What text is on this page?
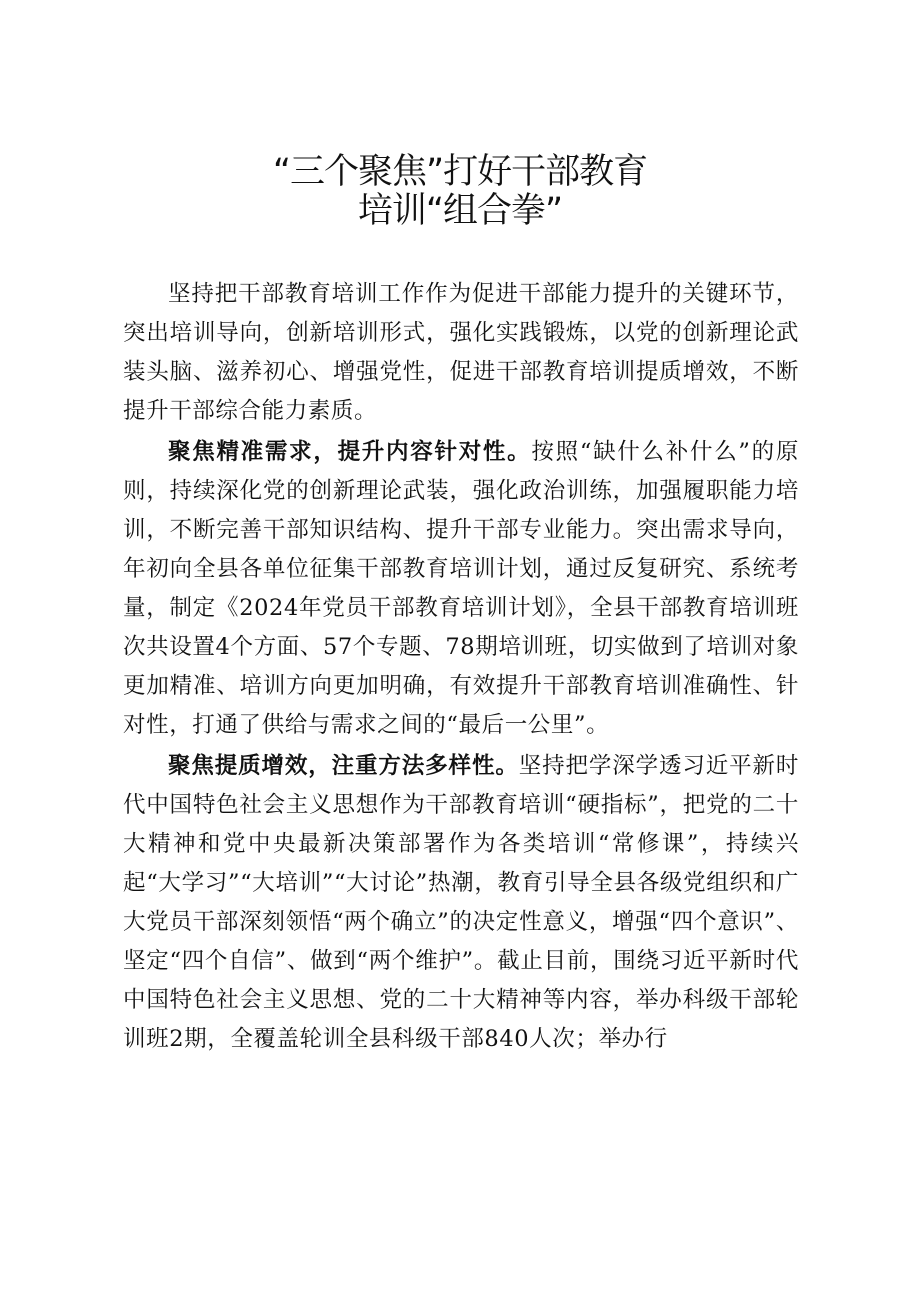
“三个聚焦”打好干部教育
培训“组合拳”

坚持把干部教育培训工作作为促进干部能力提升的关键环节，突出培训导向，创新培训形式，强化实践锻炼，以党的创新理论武装头脑、滋养初心、增强党性，促进干部教育培训提质增效，不断提升干部综合能力素质。

聚焦精准需求，提升内容针对性。按照“缺什么补什么”的原则，持续深化党的创新理论武装，强化政治训练，加强履职能力培训，不断完善干部知识结构、提升干部专业能力。突出需求导向，年初向全县各单位征集干部教育培训计划，通过反复研究、系统考量，制定《2024年党员干部教育培训计划》，全县干部教育培训班次共设置4个方面、57个专题、78期培训班，切实做到了培训对象更加精准、培训方向更加明确，有效提升干部教育培训准确性、针对性，打通了供给与需求之间的“最后一公里”。

聚焦提质增效，注重方法多样性。坚持把学深学透习近平新时代中国特色社会主义思想作为干部教育培训“硬指标”，把党的二十大精神和党中央最新决策部署作为各类培训“常修课”，持续兴起“大学习”“大培训”“大讨论”热潮，教育引导全县各级党组织和广大党员干部深刻领悟“两个确立”的决定性意义，增强“四个意识”、坚定“四个自信”、做到“两个维护”。截止目前，围绕习近平新时代中国特色社会主义思想、党的二十大精神等内容，举办科级干部轮训班2期，全覆盖轮训全县科级干部840人次；举办行
